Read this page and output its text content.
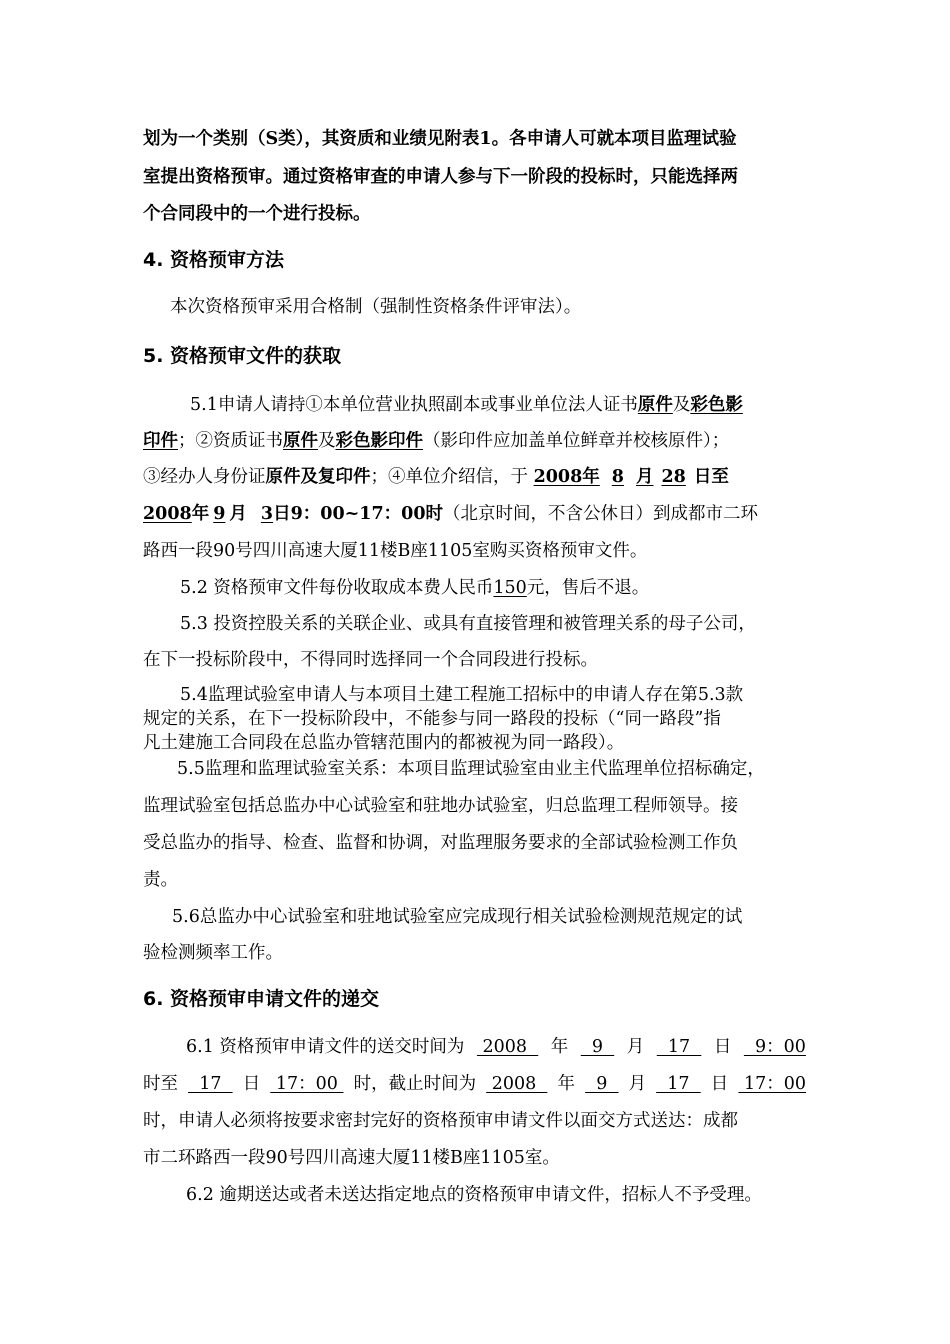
划为一个类别（S类），其资质和业绩见附表1。各申请人可就本项目监理试验
室提出资格预审。通过资格审查的申请人参与下一阶段的投标时，只能选择两
个合同段中的一个进行投标。
4. 资格预审方法
本次资格预审采用合格制（强制性资格条件评审法）。
5. 资格预审文件的获取
5.1申请人请持①本单位营业执照副本或事业单位法人证书原件及彩色影
印件；②资质证书原件及彩色影印件（影印件应加盖单位鲜章并校核原件）；
③经办人身份证原件及复印件；④单位介绍信，于 2008年 8 月 28 日至
2008年 9 月 3日9：00~17：00时（北京时间，不含公休日）到成都市二环
路西一段90号四川高速大厦11楼B座1105室购买资格预审文件。
5.2 资格预审文件每份收取成本费人民币150元，售后不退。
5.3 投资控股关系的关联企业、或具有直接管理和被管理关系的母子公司，
在下一投标阶段中，不得同时选择同一个合同段进行投标。
5.4监理试验室申请人与本项目土建工程施工招标中的申请人存在第5.3款
规定的关系，在下一投标阶段中，不能参与同一路段的投标（“同一路段”指
凡土建施工合同段在总监办管辖范围内的都被视为同一路段）。
5.5监理和监理试验室关系：本项目监理试验室由业主代监理单位招标确定，
监理试验室包括总监办中心试验室和驻地办试验室，归总监理工程师领导。接
受总监办的指导、检查、监督和协调，对监理服务要求的全部试验检测工作负
责。
5.6总监办中心试验室和驻地试验室应完成现行相关试验检测规范规定的试
验检测频率工作。
6. 资格预审申请文件的递交
6.1 资格预审申请文件的送交时间为 2008 年 9 月 17 日 9：00
时至 17 日 17：00 时，截止时间为 2008 年 9 月 17 日 17：00
时，申请人必须将按要求密封完好的资格预审申请文件以面交方式送达：成都
市二环路西一段90号四川高速大厦11楼B座1105室。
6.2 逾期送达或者未送达指定地点的资格预审申请文件，招标人不予受理。
